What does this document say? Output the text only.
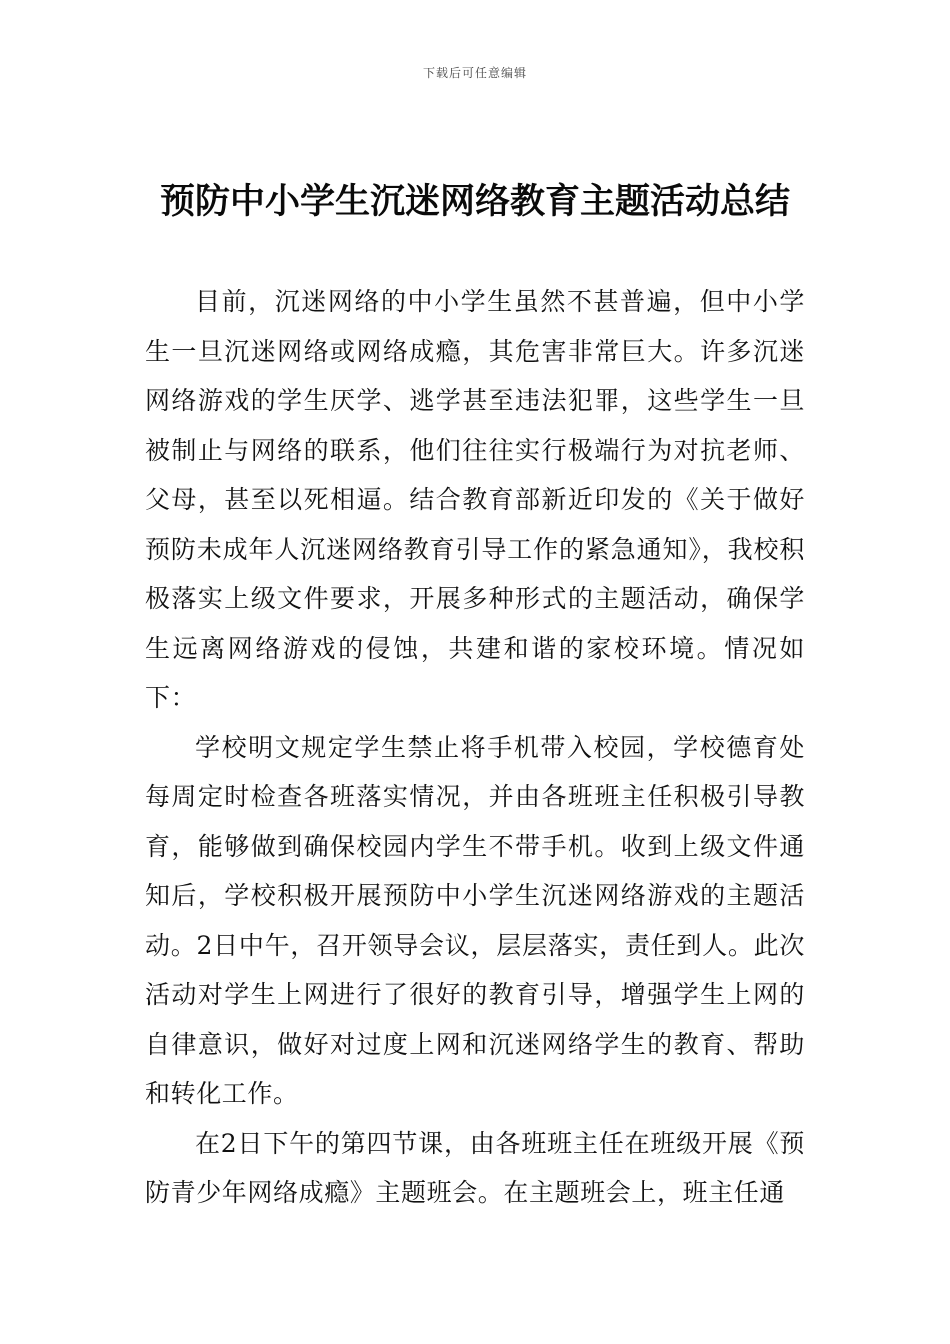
下载后可任意编辑
预防中小学生沉迷网络教育主题活动总结

目前，沉迷网络的中小学生虽然不甚普遍，但中小学生一旦沉迷网络或网络成瘾，其危害非常巨大。许多沉迷网络游戏的学生厌学、逃学甚至违法犯罪，这些学生一旦被制止与网络的联系，他们往往实行极端行为对抗老师、父母，甚至以死相逼。结合教育部新近印发的《关于做好预防未成年人沉迷网络教育引导工作的紧急通知》，我校积极落实上级文件要求，开展多种形式的主题活动，确保学生远离网络游戏的侵蚀，共建和谐的家校环境。情况如下：

学校明文规定学生禁止将手机带入校园，学校德育处每周定时检查各班落实情况，并由各班班主任积极引导教育，能够做到确保校园内学生不带手机。收到上级文件通知后，学校积极开展预防中小学生沉迷网络游戏的主题活动。2日中午，召开领导会议，层层落实，责任到人。此次活动对学生上网进行了很好的教育引导，增强学生上网的自律意识，做好对过度上网和沉迷网络学生的教育、帮助和转化工作。

在2日下午的第四节课，由各班班主任在班级开展《预防青少年网络成瘾》主题班会。在主题班会上，班主任通
